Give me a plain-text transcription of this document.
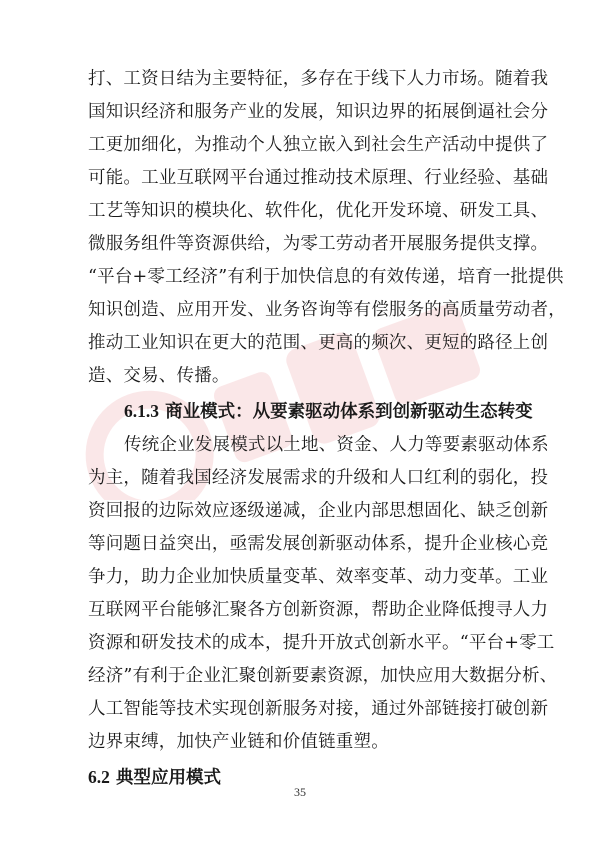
打、工资日结为主要特征，多存在于线下人力市场。随着我
国知识经济和服务产业的发展，知识边界的拓展倒逼社会分
工更加细化，为推动个人独立嵌入到社会生产活动中提供了
可能。工业互联网平台通过推动技术原理、行业经验、基础
工艺等知识的模块化、软件化，优化开发环境、研发工具、
微服务组件等资源供给，为零工劳动者开展服务提供支撑。
“平台+零工经济”有利于加快信息的有效传递，培育一批提供
知识创造、应用开发、业务咨询等有偿服务的高质量劳动者，
推动工业知识在更大的范围、更高的频次、更短的路径上创
造、交易、传播。
6.1.3 商业模式：从要素驱动体系到创新驱动生态转变
传统企业发展模式以土地、资金、人力等要素驱动体系
为主，随着我国经济发展需求的升级和人口红利的弱化，投
资回报的边际效应逐级递减，企业内部思想固化、缺乏创新
等问题日益突出，亟需发展创新驱动体系，提升企业核心竞
争力，助力企业加快质量变革、效率变革、动力变革。工业
互联网平台能够汇聚各方创新资源，帮助企业降低搜寻人力
资源和研发技术的成本，提升开放式创新水平。“平台+零工
经济”有利于企业汇聚创新要素资源，加快应用大数据分析、
人工智能等技术实现创新服务对接，通过外部链接打破创新
边界束缚，加快产业链和价值链重塑。
6.2 典型应用模式
35
